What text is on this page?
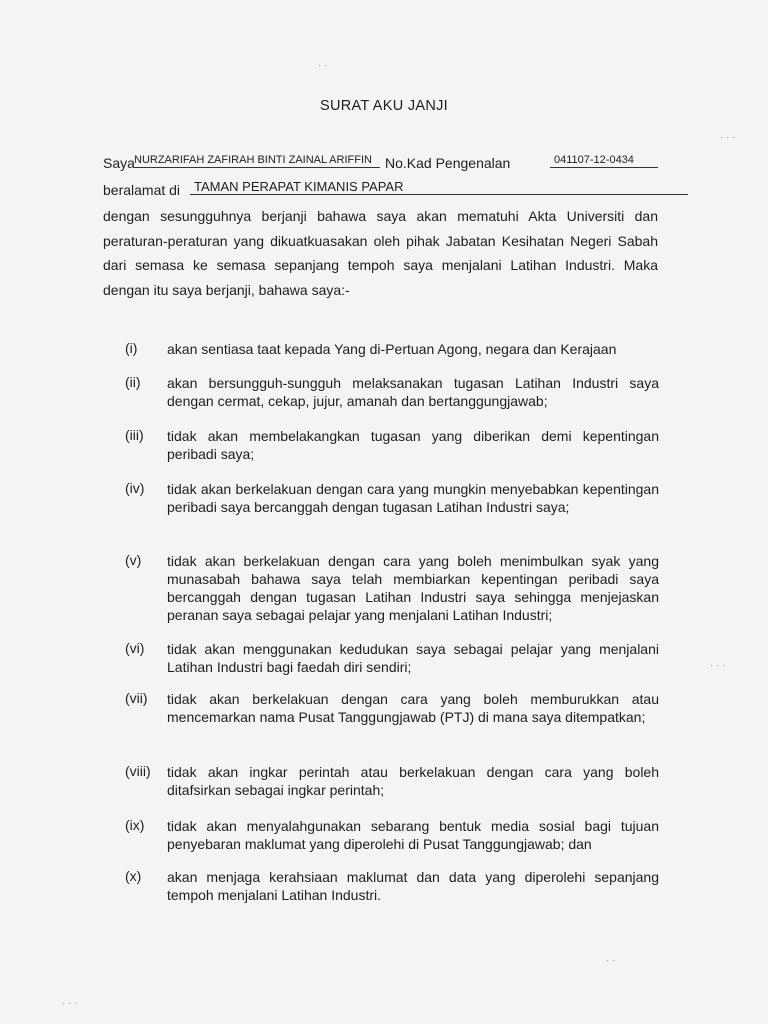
SURAT AKU JANJI
Saya NURZARIFAH ZAFIRAH BINTI ZAINAL ARIFFIN No.Kad Pengenalan	041107-12-0434
beralamat di	TAMAN PERAPAT KIMANIS PAPAR
dengan sesungguhnya berjanji bahawa saya akan mematuhi Akta Universiti dan peraturan-peraturan yang dikuatkuasakan oleh pihak Jabatan Kesihatan Negeri Sabah dari semasa ke semasa sepanjang tempoh saya menjalani Latihan Industri. Maka dengan itu saya berjanji, bahawa saya:-
(i) akan sentiasa taat kepada Yang di-Pertuan Agong, negara dan Kerajaan
(ii) akan bersungguh-sungguh melaksanakan tugasan Latihan Industri saya dengan cermat, cekap, jujur, amanah dan bertanggungjawab;
(iii) tidak akan membelakangkan tugasan yang diberikan demi kepentingan peribadi saya;
(iv) tidak akan berkelakuan dengan cara yang mungkin menyebabkan kepentingan peribadi saya bercanggah dengan tugasan Latihan Industri saya;
(v) tidak akan berkelakuan dengan cara yang boleh menimbulkan syak yang munasabah bahawa saya telah membiarkan kepentingan peribadi saya bercanggah dengan tugasan Latihan Industri saya sehingga menjejaskan peranan saya sebagai pelajar yang menjalani Latihan Industri;
(vi) tidak akan menggunakan kedudukan saya sebagai pelajar yang menjalani Latihan Industri bagi faedah diri sendiri;
(vii) tidak akan berkelakuan dengan cara yang boleh memburukkan atau mencemarkan nama Pusat Tanggungjawab (PTJ) di mana saya ditempatkan;
(viii) tidak akan ingkar perintah atau berkelakuan dengan cara yang boleh ditafsirkan sebagai ingkar perintah;
(ix) tidak akan menyalahgunakan sebarang bentuk media sosial bagi tujuan penyebaran maklumat yang diperolehi di Pusat Tanggungjawab; dan
(x) akan menjaga kerahsiaan maklumat dan data yang diperolehi sepanjang tempoh menjalani Latihan Industri.
· ·
· · ·
· · ·
· ·
· · ·
